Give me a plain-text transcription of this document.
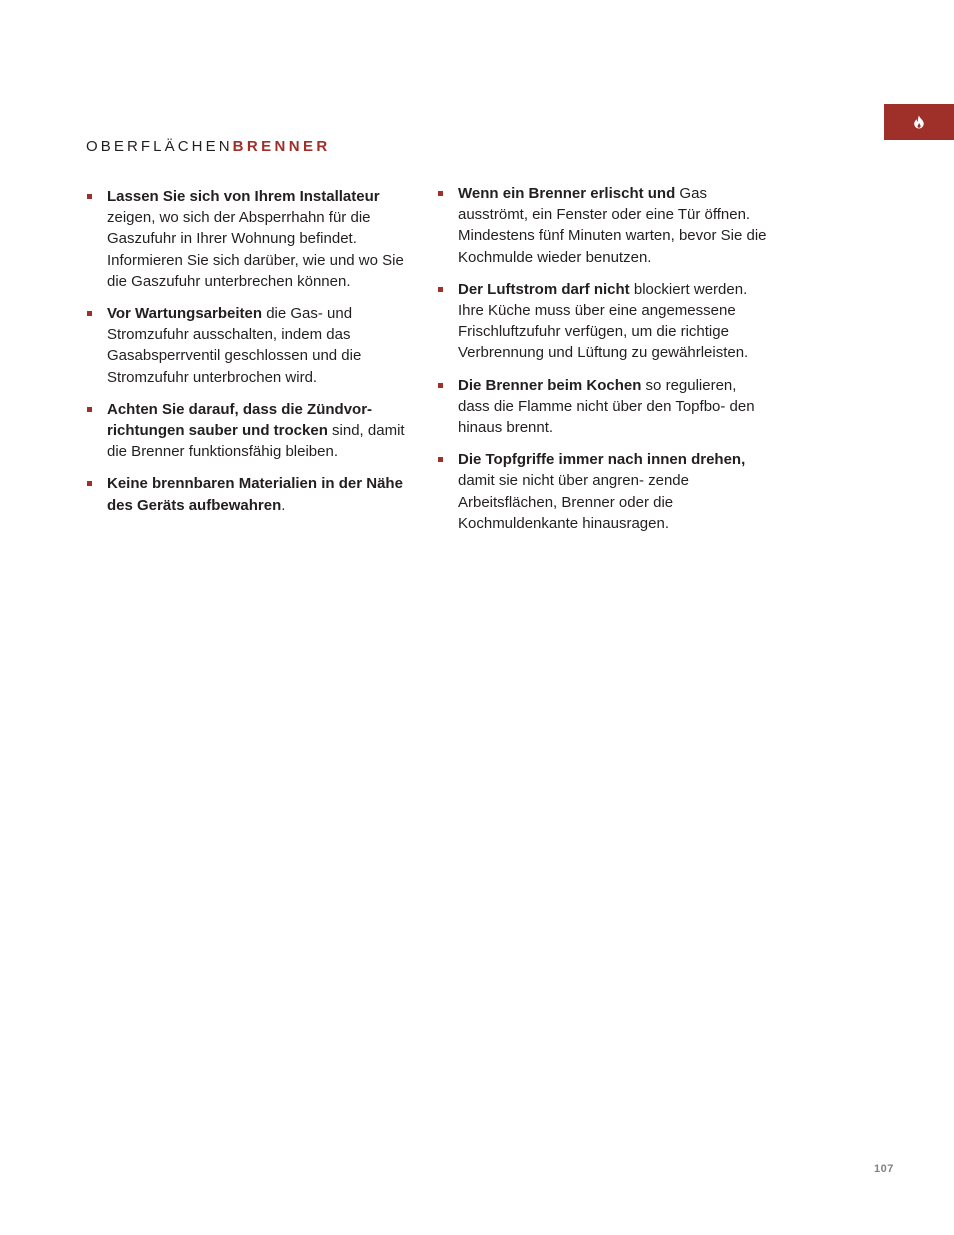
OBERFLÄCHENBRENNER
Lassen Sie sich von Ihrem Installateur zeigen, wo sich der Absperrhahn für die Gaszufuhr in Ihrer Wohnung befindet. Informieren Sie sich darüber, wie und wo Sie die Gaszufuhr unterbrechen können.
Vor Wartungsarbeiten die Gas- und Stromzufuhr ausschalten, indem das Gasabsperrventil geschlossen und die Stromzufuhr unterbrochen wird.
Achten Sie darauf, dass die Zündvor- richtungen sauber und trocken sind, damit die Brenner funktionsfähig bleiben.
Keine brennbaren Materialien in der Nähe des Geräts aufbewahren.
Wenn ein Brenner erlischt und Gas ausströmt, ein Fenster oder eine Tür öffnen. Mindestens fünf Minuten warten, bevor Sie die Kochmulde wieder benutzen.
Der Luftstrom darf nicht blockiert werden. Ihre Küche muss über eine angemessene Frischluftzufuhr verfügen, um die richtige Verbrennung und Lüftung zu gewährleisten.
Die Brenner beim Kochen so regulieren, dass die Flamme nicht über den Topfbo- den hinaus brennt.
Die Topfgriffe immer nach innen drehen, damit sie nicht über angren- zende Arbeitsflächen, Brenner oder die Kochmuldenkante hinausragen.
107
